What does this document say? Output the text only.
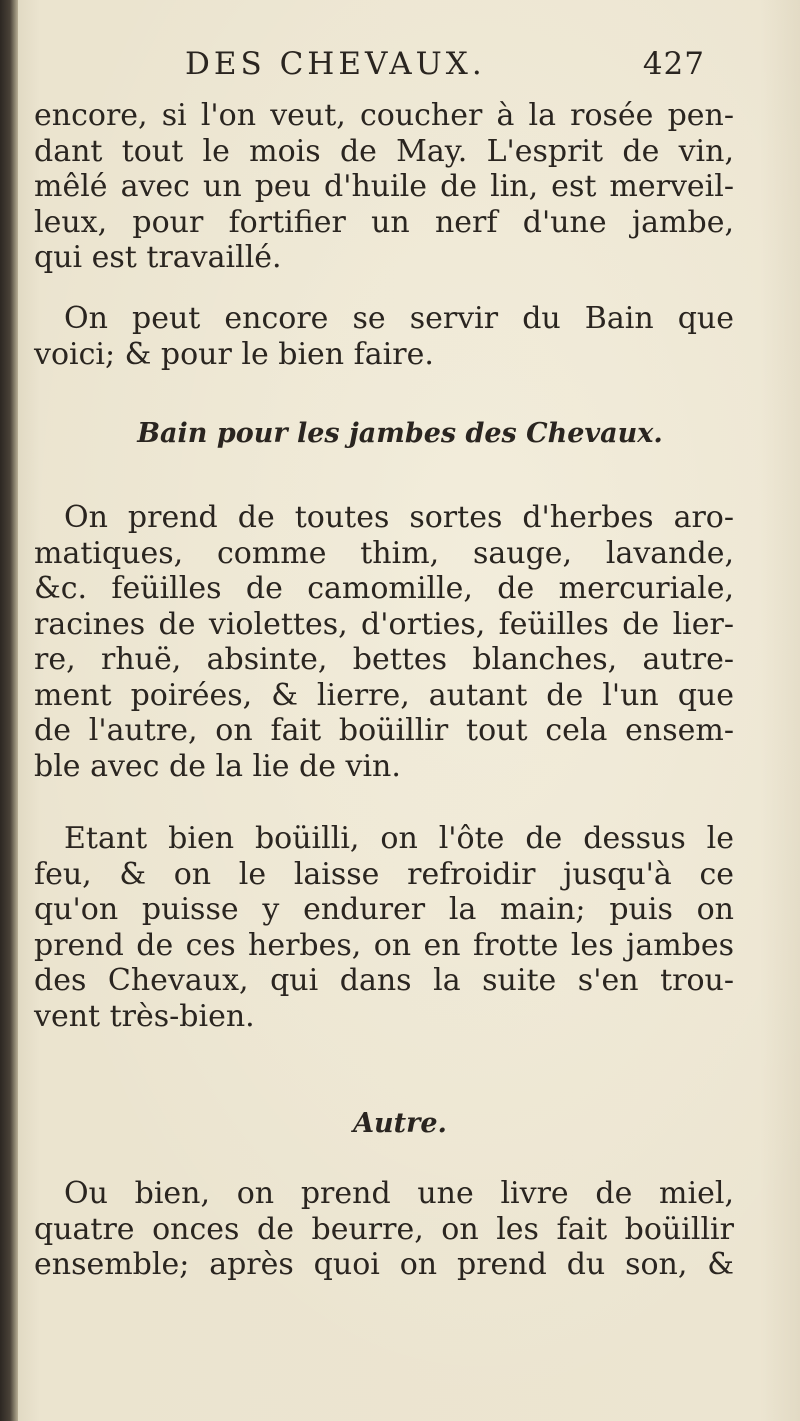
DES CHEVAUX.	427
encore, si l'on veut, coucher à la rosée pen-
dant tout le mois de May. L'esprit de vin,
mêlé avec un peu d'huile de lin, est merveil-
leux, pour fortifier un nerf d'une jambe,
qui est travaillé.
On peut encore se servir du Bain que
voici; & pour le bien faire.
Bain pour les jambes des Chevaux.
On prend de toutes sortes d'herbes aro-
matiques, comme thim, sauge, lavande,
&c. feüilles de camomille, de mercuriale,
racines de violettes, d'orties, feüilles de lier-
re, rhuë, absinte, bettes blanches, autre-
ment poirées, & lierre, autant de l'un que
de l'autre, on fait boüillir tout cela ensem-
ble avec de la lie de vin.
Etant bien boüilli, on l'ôte de dessus le
feu, & on le laisse refroidir jusqu'à ce
qu'on puisse y endurer la main; puis on
prend de ces herbes, on en frotte les jambes
des Chevaux, qui dans la suite s'en trou-
vent très-bien.
Autre.
Ou bien, on prend une livre de miel,
quatre onces de beurre, on les fait boüillir
ensemble; après quoi on prend du son, &
